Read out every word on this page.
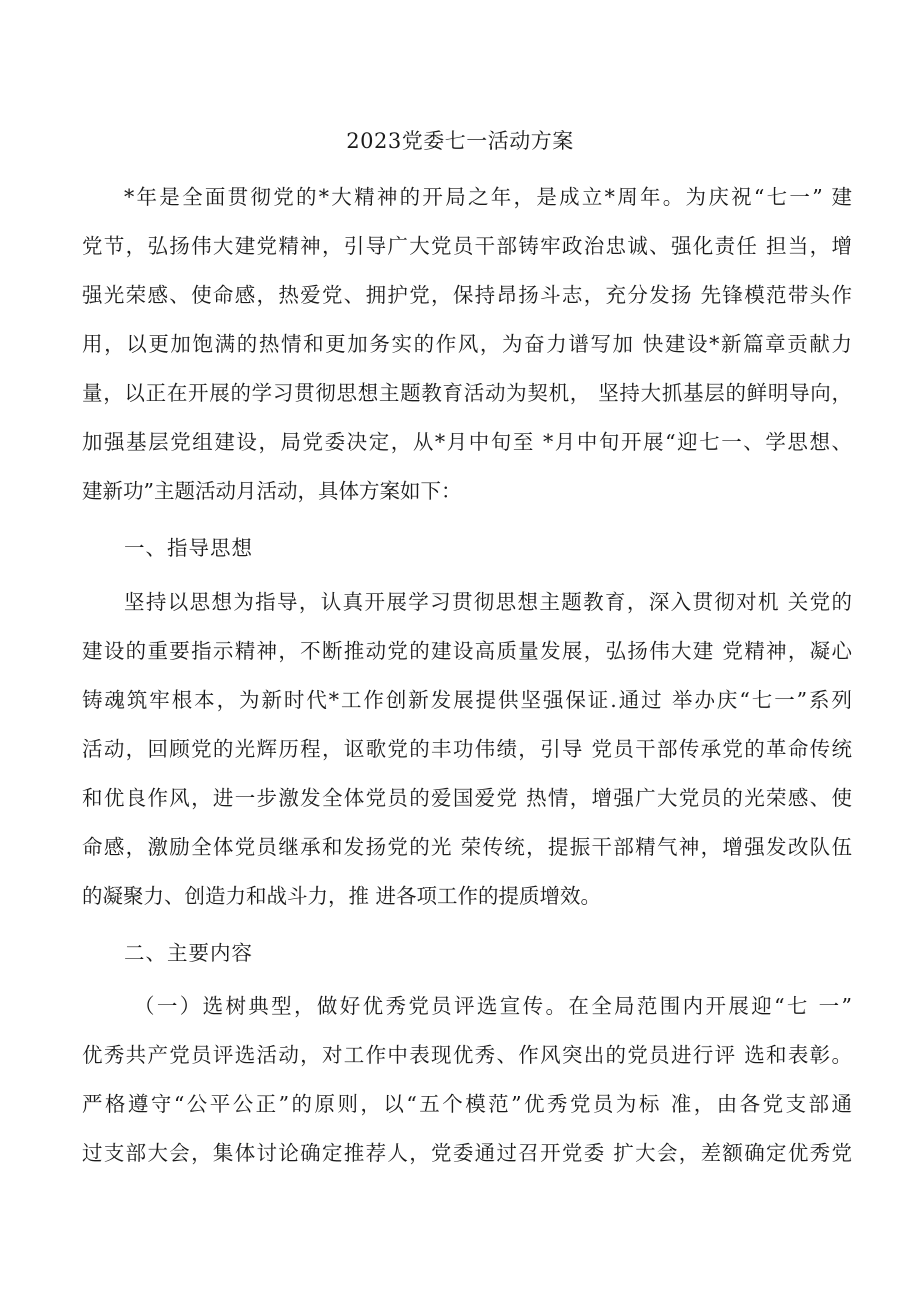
2023党委七一活动方案

*年是全面贯彻党的*大精神的开局之年，是成立*周年。为庆祝“七一” 建

党节，弘扬伟大建党精神，引导广大党员干部铸牢政治忠诚、强化责任 担当，增

强光荣感、使命感，热爱党、拥护党，保持昂扬斗志，充分发扬 先锋模范带头作

用，以更加饱满的热情和更加务实的作风，为奋力谱写加 快建设*新篇章贡献力

量，以正在开展的学习贯彻思想主题教育活动为契机， 坚持大抓基层的鲜明导向，

加强基层党组建设，局党委决定，从*月中旬至 *月中旬开展“迎七一、学思想、

建新功”主题活动月活动，具体方案如下：

一、指导思想

坚持以思想为指导，认真开展学习贯彻思想主题教育，深入贯彻对机 关党的

建设的重要指示精神，不断推动党的建设高质量发展，弘扬伟大建 党精神，凝心

铸魂筑牢根本，为新时代*工作创新发展提供坚强保证.通过 举办庆“七一”系列

活动，回顾党的光辉历程，讴歌党的丰功伟绩，引导 党员干部传承党的革命传统

和优良作风，进一步激发全体党员的爱国爱党 热情，增强广大党员的光荣感、使

命感，激励全体党员继承和发扬党的光 荣传统，提振干部精气神，增强发改队伍

的凝聚力、创造力和战斗力，推 进各项工作的提质增效。

二、主要内容

（一）选树典型，做好优秀党员评选宣传。在全局范围内开展迎“七 一”

优秀共产党员评选活动，对工作中表现优秀、作风突出的党员进行评 选和表彰。

严格遵守“公平公正”的原则，以“五个模范”优秀党员为标 准，由各党支部通

过支部大会，集体讨论确定推荐人，党委通过召开党委 扩大会，差额确定优秀党
